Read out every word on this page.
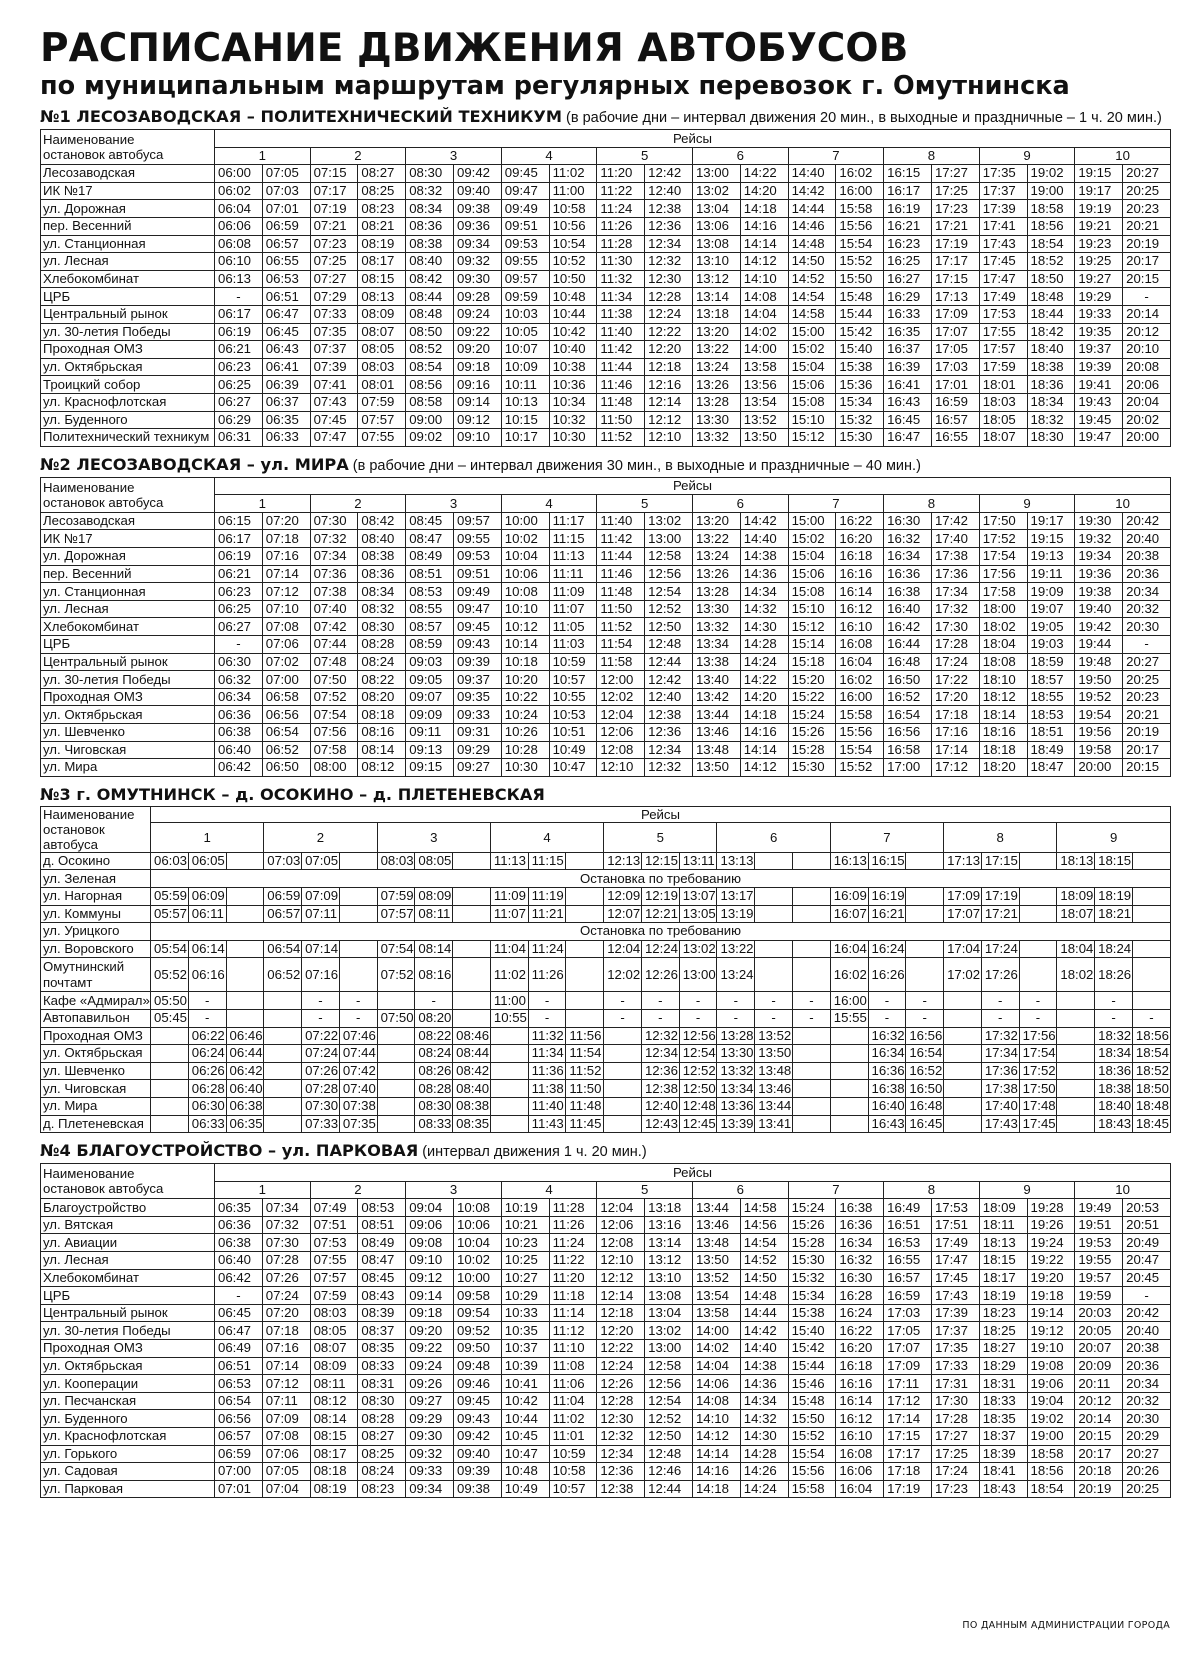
РАСПИСАНИЕ ДВИЖЕНИЯ АВТОБУСОВ
по муниципальным маршрутам регулярных перевозок г. Омутнинска
№1 ЛЕСОЗАВОДСКАЯ – ПОЛИТЕХНИЧЕСКИЙ ТЕХНИКУМ (в рабочие дни – интервал движения 20 мин., в выходные и праздничные – 1 ч. 20 мин.)
Наименование
остановок автобуса	Рейсы																			
	1		2		3		4		5		6		7		8		9		10	
Лесозаводская	06:00	07:05	07:15	08:27	08:30	09:42	09:45	11:02	11:20	12:42	13:00	14:22	14:40	16:02	16:15	17:27	17:35	19:02	19:15	20:27
ИК №17	06:02	07:03	07:17	08:25	08:32	09:40	09:47	11:00	11:22	12:40	13:02	14:20	14:42	16:00	16:17	17:25	17:37	19:00	19:17	20:25
ул. Дорожная	06:04	07:01	07:19	08:23	08:34	09:38	09:49	10:58	11:24	12:38	13:04	14:18	14:44	15:58	16:19	17:23	17:39	18:58	19:19	20:23
пер. Весенний	06:06	06:59	07:21	08:21	08:36	09:36	09:51	10:56	11:26	12:36	13:06	14:16	14:46	15:56	16:21	17:21	17:41	18:56	19:21	20:21
ул. Станционная	06:08	06:57	07:23	08:19	08:38	09:34	09:53	10:54	11:28	12:34	13:08	14:14	14:48	15:54	16:23	17:19	17:43	18:54	19:23	20:19
ул. Лесная	06:10	06:55	07:25	08:17	08:40	09:32	09:55	10:52	11:30	12:32	13:10	14:12	14:50	15:52	16:25	17:17	17:45	18:52	19:25	20:17
Хлебокомбинат	06:13	06:53	07:27	08:15	08:42	09:30	09:57	10:50	11:32	12:30	13:12	14:10	14:52	15:50	16:27	17:15	17:47	18:50	19:27	20:15
ЦРБ	-	06:51	07:29	08:13	08:44	09:28	09:59	10:48	11:34	12:28	13:14	14:08	14:54	15:48	16:29	17:13	17:49	18:48	19:29	-
Центральный рынок	06:17	06:47	07:33	08:09	08:48	09:24	10:03	10:44	11:38	12:24	13:18	14:04	14:58	15:44	16:33	17:09	17:53	18:44	19:33	20:14
ул. 30-летия Победы	06:19	06:45	07:35	08:07	08:50	09:22	10:05	10:42	11:40	12:22	13:20	14:02	15:00	15:42	16:35	17:07	17:55	18:42	19:35	20:12
Проходная ОМЗ	06:21	06:43	07:37	08:05	08:52	09:20	10:07	10:40	11:42	12:20	13:22	14:00	15:02	15:40	16:37	17:05	17:57	18:40	19:37	20:10
ул. Октябрьская	06:23	06:41	07:39	08:03	08:54	09:18	10:09	10:38	11:44	12:18	13:24	13:58	15:04	15:38	16:39	17:03	17:59	18:38	19:39	20:08
Троицкий собор	06:25	06:39	07:41	08:01	08:56	09:16	10:11	10:36	11:46	12:16	13:26	13:56	15:06	15:36	16:41	17:01	18:01	18:36	19:41	20:06
ул. Краснофлотская	06:27	06:37	07:43	07:59	08:58	09:14	10:13	10:34	11:48	12:14	13:28	13:54	15:08	15:34	16:43	16:59	18:03	18:34	19:43	20:04
ул. Буденного	06:29	06:35	07:45	07:57	09:00	09:12	10:15	10:32	11:50	12:12	13:30	13:52	15:10	15:32	16:45	16:57	18:05	18:32	19:45	20:02
Политехнический техникум	06:31	06:33	07:47	07:55	09:02	09:10	10:17	10:30	11:52	12:10	13:32	13:50	15:12	15:30	16:47	16:55	18:07	18:30	19:47	20:00
№2 ЛЕСОЗАВОДСКАЯ – ул. МИРА (в рабочие дни – интервал движения 30 мин., в выходные и праздничные – 40 мин.)
Наименование
остановок автобуса	Рейсы																			
	1		2		3		4		5		6		7		8		9		10	
Лесозаводская	06:15	07:20	07:30	08:42	08:45	09:57	10:00	11:17	11:40	13:02	13:20	14:42	15:00	16:22	16:30	17:42	17:50	19:17	19:30	20:42
ИК №17	06:17	07:18	07:32	08:40	08:47	09:55	10:02	11:15	11:42	13:00	13:22	14:40	15:02	16:20	16:32	17:40	17:52	19:15	19:32	20:40
ул. Дорожная	06:19	07:16	07:34	08:38	08:49	09:53	10:04	11:13	11:44	12:58	13:24	14:38	15:04	16:18	16:34	17:38	17:54	19:13	19:34	20:38
пер. Весенний	06:21	07:14	07:36	08:36	08:51	09:51	10:06	11:11	11:46	12:56	13:26	14:36	15:06	16:16	16:36	17:36	17:56	19:11	19:36	20:36
ул. Станционная	06:23	07:12	07:38	08:34	08:53	09:49	10:08	11:09	11:48	12:54	13:28	14:34	15:08	16:14	16:38	17:34	17:58	19:09	19:38	20:34
ул. Лесная	06:25	07:10	07:40	08:32	08:55	09:47	10:10	11:07	11:50	12:52	13:30	14:32	15:10	16:12	16:40	17:32	18:00	19:07	19:40	20:32
Хлебокомбинат	06:27	07:08	07:42	08:30	08:57	09:45	10:12	11:05	11:52	12:50	13:32	14:30	15:12	16:10	16:42	17:30	18:02	19:05	19:42	20:30
ЦРБ	-	07:06	07:44	08:28	08:59	09:43	10:14	11:03	11:54	12:48	13:34	14:28	15:14	16:08	16:44	17:28	18:04	19:03	19:44	-
Центральный рынок	06:30	07:02	07:48	08:24	09:03	09:39	10:18	10:59	11:58	12:44	13:38	14:24	15:18	16:04	16:48	17:24	18:08	18:59	19:48	20:27
ул. 30-летия Победы	06:32	07:00	07:50	08:22	09:05	09:37	10:20	10:57	12:00	12:42	13:40	14:22	15:20	16:02	16:50	17:22	18:10	18:57	19:50	20:25
Проходная ОМЗ	06:34	06:58	07:52	08:20	09:07	09:35	10:22	10:55	12:02	12:40	13:42	14:20	15:22	16:00	16:52	17:20	18:12	18:55	19:52	20:23
ул. Октябрьская	06:36	06:56	07:54	08:18	09:09	09:33	10:24	10:53	12:04	12:38	13:44	14:18	15:24	15:58	16:54	17:18	18:14	18:53	19:54	20:21
ул. Шевченко	06:38	06:54	07:56	08:16	09:11	09:31	10:26	10:51	12:06	12:36	13:46	14:16	15:26	15:56	16:56	17:16	18:16	18:51	19:56	20:19
ул. Чиговская	06:40	06:52	07:58	08:14	09:13	09:29	10:28	10:49	12:08	12:34	13:48	14:14	15:28	15:54	16:58	17:14	18:18	18:49	19:58	20:17
ул. Мира	06:42	06:50	08:00	08:12	09:15	09:27	10:30	10:47	12:10	12:32	13:50	14:12	15:30	15:52	17:00	17:12	18:20	18:47	20:00	20:15
№3 г. ОМУТНИНСК – д. ОСОКИНО – д. ПЛЕТЕНЕВСКАЯ
Наименование
остановок
автобуса	Рейсы																										
	1			2			3			4			5			6			7			8			9		

д. Осокино	06:03	06:05		07:03	07:05		08:03	08:05		11:13	11:15		12:13	12:15	13:11	13:13			16:13	16:15		17:13	17:15		18:13	18:15	
ул. Зеленая	Остановка по требованию																										
ул. Нагорная	05:59	06:09		06:59	07:09		07:59	08:09		11:09	11:19		12:09	12:19	13:07	13:17			16:09	16:19		17:09	17:19		18:09	18:19	
ул. Коммуны	05:57	06:11		06:57	07:11		07:57	08:11		11:07	11:21		12:07	12:21	13:05	13:19			16:07	16:21		17:07	17:21		18:07	18:21	
ул. Урицкого	Остановка по требованию																										
ул. Воровского	05:54	06:14		06:54	07:14		07:54	08:14		11:04	11:24		12:04	12:24	13:02	13:22			16:04	16:24		17:04	17:24		18:04	18:24	
Омутнинский почтамт	05:52	06:16		06:52	07:16		07:52	08:16		11:02	11:26		12:02	12:26	13:00	13:24			16:02	16:26		17:02	17:26		18:02	18:26	
Кафе «Адмирал»	05:50	-			-	-		-		11:00	-		-	-	-	-	-	-	16:00	-	-		-	-		-	
Автопавильон	05:45	-			-	-	07:50	08:20		10:55	-		-	-	-	-	-	-	15:55	-	-		-	-		-	-
Проходная ОМЗ		06:22	06:46		07:22	07:46		08:22	08:46		11:32	11:56		12:32	12:56	13:28	13:52			16:32	16:56		17:32	17:56		18:32	18:56
ул. Октябрьская		06:24	06:44		07:24	07:44		08:24	08:44		11:34	11:54		12:34	12:54	13:30	13:50			16:34	16:54		17:34	17:54		18:34	18:54
ул. Шевченко		06:26	06:42		07:26	07:42		08:26	08:42		11:36	11:52		12:36	12:52	13:32	13:48			16:36	16:52		17:36	17:52		18:36	18:52
ул. Чиговская		06:28	06:40		07:28	07:40		08:28	08:40		11:38	11:50		12:38	12:50	13:34	13:46			16:38	16:50		17:38	17:50		18:38	18:50
ул. Мира		06:30	06:38		07:30	07:38		08:30	08:38		11:40	11:48		12:40	12:48	13:36	13:44			16:40	16:48		17:40	17:48		18:40	18:48
д. Плетеневская		06:33	06:35		07:33	07:35		08:33	08:35		11:43	11:45		12:43	12:45	13:39	13:41			16:43	16:45		17:43	17:45		18:43	18:45
№4 БЛАГОУСТРОЙСТВО – ул. ПАРКОВАЯ (интервал движения 1 ч. 20 мин.)
Наименование
остановок автобуса	Рейсы																			
	1		2		3		4		5		6		7		8		9		10	
Благоустройство	06:35	07:34	07:49	08:53	09:04	10:08	10:19	11:28	12:04	13:18	13:44	14:58	15:24	16:38	16:49	17:53	18:09	19:28	19:49	20:53
ул. Вятская	06:36	07:32	07:51	08:51	09:06	10:06	10:21	11:26	12:06	13:16	13:46	14:56	15:26	16:36	16:51	17:51	18:11	19:26	19:51	20:51
ул. Авиации	06:38	07:30	07:53	08:49	09:08	10:04	10:23	11:24	12:08	13:14	13:48	14:54	15:28	16:34	16:53	17:49	18:13	19:24	19:53	20:49
ул. Лесная	06:40	07:28	07:55	08:47	09:10	10:02	10:25	11:22	12:10	13:12	13:50	14:52	15:30	16:32	16:55	17:47	18:15	19:22	19:55	20:47
Хлебокомбинат	06:42	07:26	07:57	08:45	09:12	10:00	10:27	11:20	12:12	13:10	13:52	14:50	15:32	16:30	16:57	17:45	18:17	19:20	19:57	20:45
ЦРБ	-	07:24	07:59	08:43	09:14	09:58	10:29	11:18	12:14	13:08	13:54	14:48	15:34	16:28	16:59	17:43	18:19	19:18	19:59	-
Центральный рынок	06:45	07:20	08:03	08:39	09:18	09:54	10:33	11:14	12:18	13:04	13:58	14:44	15:38	16:24	17:03	17:39	18:23	19:14	20:03	20:42
ул. 30-летия Победы	06:47	07:18	08:05	08:37	09:20	09:52	10:35	11:12	12:20	13:02	14:00	14:42	15:40	16:22	17:05	17:37	18:25	19:12	20:05	20:40
Проходная ОМЗ	06:49	07:16	08:07	08:35	09:22	09:50	10:37	11:10	12:22	13:00	14:02	14:40	15:42	16:20	17:07	17:35	18:27	19:10	20:07	20:38
ул. Октябрьская	06:51	07:14	08:09	08:33	09:24	09:48	10:39	11:08	12:24	12:58	14:04	14:38	15:44	16:18	17:09	17:33	18:29	19:08	20:09	20:36
ул. Кооперации	06:53	07:12	08:11	08:31	09:26	09:46	10:41	11:06	12:26	12:56	14:06	14:36	15:46	16:16	17:11	17:31	18:31	19:06	20:11	20:34
ул. Песчанская	06:54	07:11	08:12	08:30	09:27	09:45	10:42	11:04	12:28	12:54	14:08	14:34	15:48	16:14	17:12	17:30	18:33	19:04	20:12	20:32
ул. Буденного	06:56	07:09	08:14	08:28	09:29	09:43	10:44	11:02	12:30	12:52	14:10	14:32	15:50	16:12	17:14	17:28	18:35	19:02	20:14	20:30
ул. Краснофлотская	06:57	07:08	08:15	08:27	09:30	09:42	10:45	11:01	12:32	12:50	14:12	14:30	15:52	16:10	17:15	17:27	18:37	19:00	20:15	20:29
ул. Горького	06:59	07:06	08:17	08:25	09:32	09:40	10:47	10:59	12:34	12:48	14:14	14:28	15:54	16:08	17:17	17:25	18:39	18:58	20:17	20:27
ул. Садовая	07:00	07:05	08:18	08:24	09:33	09:39	10:48	10:58	12:36	12:46	14:16	14:26	15:56	16:06	17:18	17:24	18:41	18:56	20:18	20:26
ул. Парковая	07:01	07:04	08:19	08:23	09:34	09:38	10:49	10:57	12:38	12:44	14:18	14:24	15:58	16:04	17:19	17:23	18:43	18:54	20:19	20:25
ПО ДАННЫМ АДМИНИСТРАЦИИ ГОРОДА
